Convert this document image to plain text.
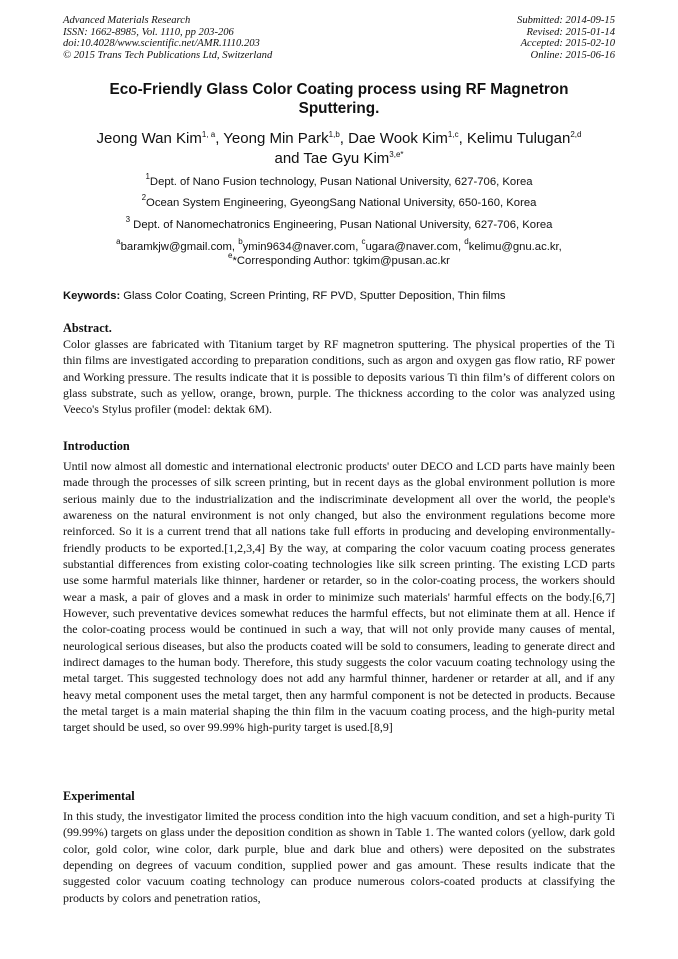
Advanced Materials Research
ISSN: 1662-8985, Vol. 1110, pp 203-206
doi:10.4028/www.scientific.net/AMR.1110.203
© 2015 Trans Tech Publications Ltd, Switzerland
Submitted: 2014-09-15
Revised: 2015-01-14
Accepted: 2015-02-10
Online: 2015-06-16
Eco-Friendly Glass Color Coating process using RF Magnetron
Sputtering.
Jeong Wan Kim$^{1, a}$, Yeong Min Park$^{1,b}$, Dae Wook Kim$^{1,c}$, Kelimu Tulugan$^{2,d}$
and Tae Gyu Kim$^{3,e*}$
$^1$Dept. of Nano Fusion technology, Pusan National University, 627-706, Korea
$^2$Ocean System Engineering, GyeongSang National University, 650-160, Korea
$^3$ Dept. of Nanomechatronics Engineering, Pusan National University, 627-706, Korea
$^a$baramkjw@gmail.com, $^b$ymin9634@naver.com, $^c$ugara@naver.com, $^d$kelimu@gnu.ac.kr,
$^e$*Corresponding Author: tgkim@pusan.ac.kr
Keywords: Glass Color Coating, Screen Printing, RF PVD, Sputter Deposition, Thin films
Abstract.
Color glasses are fabricated with Titanium target by RF magnetron sputtering. The physical properties of the Ti thin films are investigated according to preparation conditions, such as argon and oxygen gas flow ratio, RF power and Working pressure. The results indicate that it is possible to deposits various Ti thin film’s of different colors on glass substrate, such as yellow, orange, brown, purple. The thickness according to the color was analyzed using Veeco's Stylus profiler (model: dektak 6M).
Introduction
Until now almost all domestic and international electronic products' outer DECO and LCD parts have mainly been made through the processes of silk screen printing, but in recent days as the global environment pollution is more serious mainly due to the industrialization and the indiscriminate development all over the world, the people's awareness on the natural environment is not only changed, but also the environment regulations become more reinforced. So it is a current trend that all nations take full efforts in producing and developing environmentally-friendly products to be exported.[1,2,3,4] By the way, at comparing the color vacuum coating process generates substantial differences from existing color-coating technologies like silk screen printing. The existing LCD parts use some harmful materials like thinner, hardener or retarder, so in the color-coating process, the workers should wear a mask, a pair of gloves and a mask in order to minimize such materials' harmful effects on the body.[6,7] However, such preventative devices somewhat reduces the harmful effects, but not eliminate them at all. Hence if the color-coating process would be continued in such a way, that will not only provide many causes of mental, neurological serious diseases, but also the products coated will be sold to consumers, leading to generate direct and indirect damages to the human body. Therefore, this study suggests the color vacuum coating technology using the metal target. This suggested technology does not add any harmful thinner, hardener or retarder at all, and if any heavy metal component uses the metal target, then any harmful component is not be detected in products. Because the metal target is a main material shaping the thin film in the vacuum coating process, and the high-purity metal target should be used, so over 99.99% high-purity target is used.[8,9]
Experimental
In this study, the investigator limited the process condition into the high vacuum condition, and set a high-purity Ti (99.99%) targets on glass under the deposition condition as shown in Table 1. The wanted colors (yellow, dark gold color, gold color, wine color, dark purple, blue and dark blue and others) were deposited on the substrates depending on degrees of vacuum condition, supplied power and gas amount. These results indicate that the suggested color vacuum coating technology can produce numerous colors-coated products at classifying the products by colors and penetration ratios,
